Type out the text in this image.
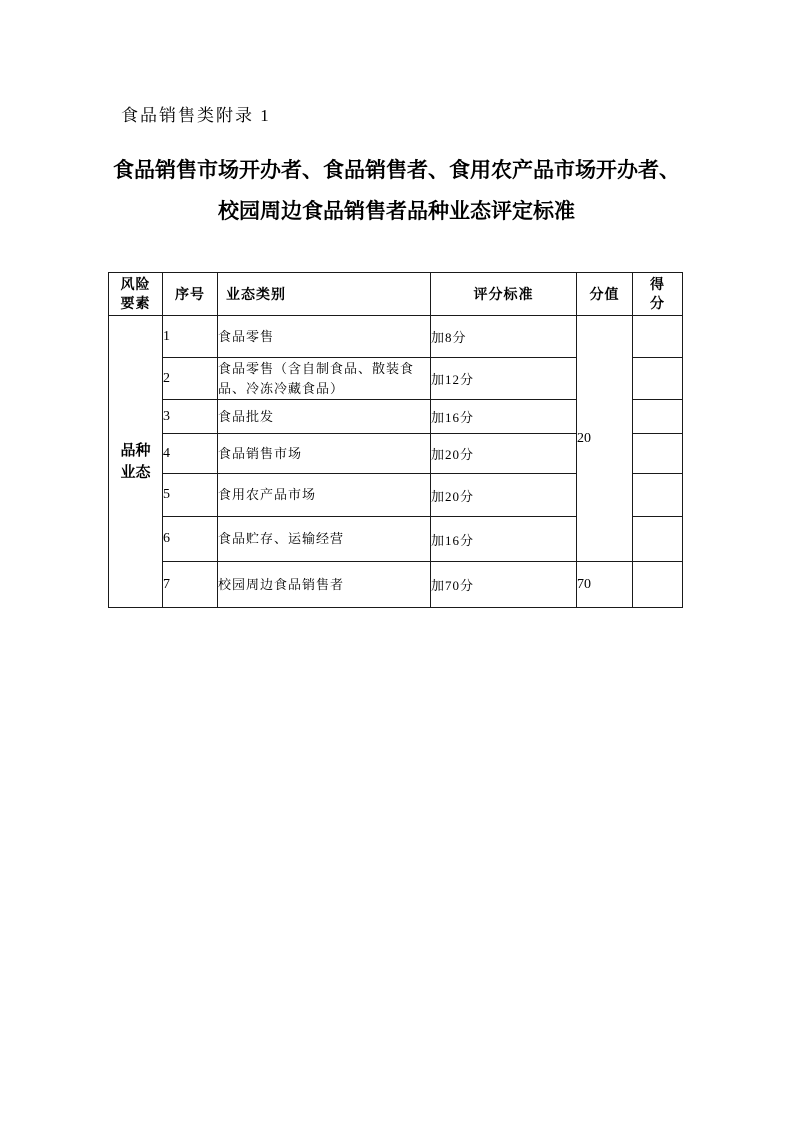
食品销售类附录 1
食品销售市场开办者、食品销售者、食用农产品市场开办者、
校园周边食品销售者品种业态评定标准
风险
要素	序号	业态类别	评分标准	分值	得
分

品种
业态	1	食品零售	加8分	20	
	2	食品零售（含自制食品、散装食品、冷冻冷藏食品）	加12分		
	3	食品批发	加16分		
	4	食品销售市场	加20分		
	5	食用农产品市场	加20分		
	6	食品贮存、运输经营	加16分		
	7	校园周边食品销售者	加70分	70	
